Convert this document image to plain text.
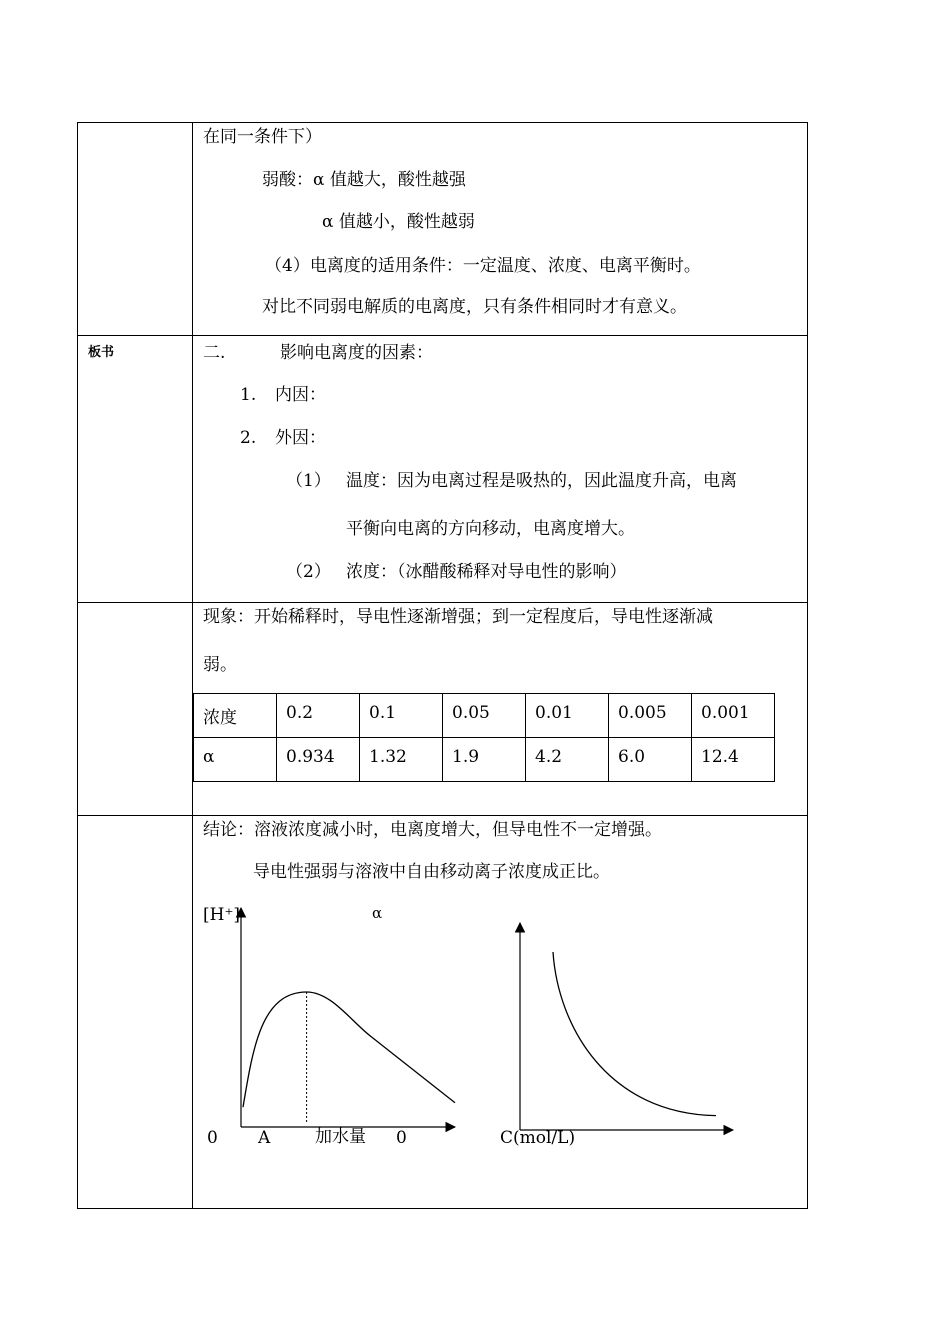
在同一条件下）
弱酸：α 值越大，酸性越强
α 值越小，酸性越弱
（4）电离度的适用条件：一定温度、浓度、电离平衡时。
对比不同弱电解质的电离度，只有条件相同时才有意义。
板书	二.	影响电离度的因素：
1. 内因：
2. 外因：
（1） 温度：因为电离过程是吸热的，因此温度升高，电离
平衡向电离的方向移动，电离度增大。
（2） 浓度：（冰醋酸稀释对导电性的影响）
现象：开始稀释时，导电性逐渐增强；到一定程度后，导电性逐渐减
弱。
浓度	0.2	0.1	0.05	0.01	0.005	0.001

α	0.934	1.32	1.9	4.2	6.0	12.4
结论：溶液浓度减小时，电离度增大，但导电性不一定增强。
导电性强弱与溶液中自由移动离子浓度成正比。
[H⁺]	α
0 A	加水量 0	C(mol/L)
